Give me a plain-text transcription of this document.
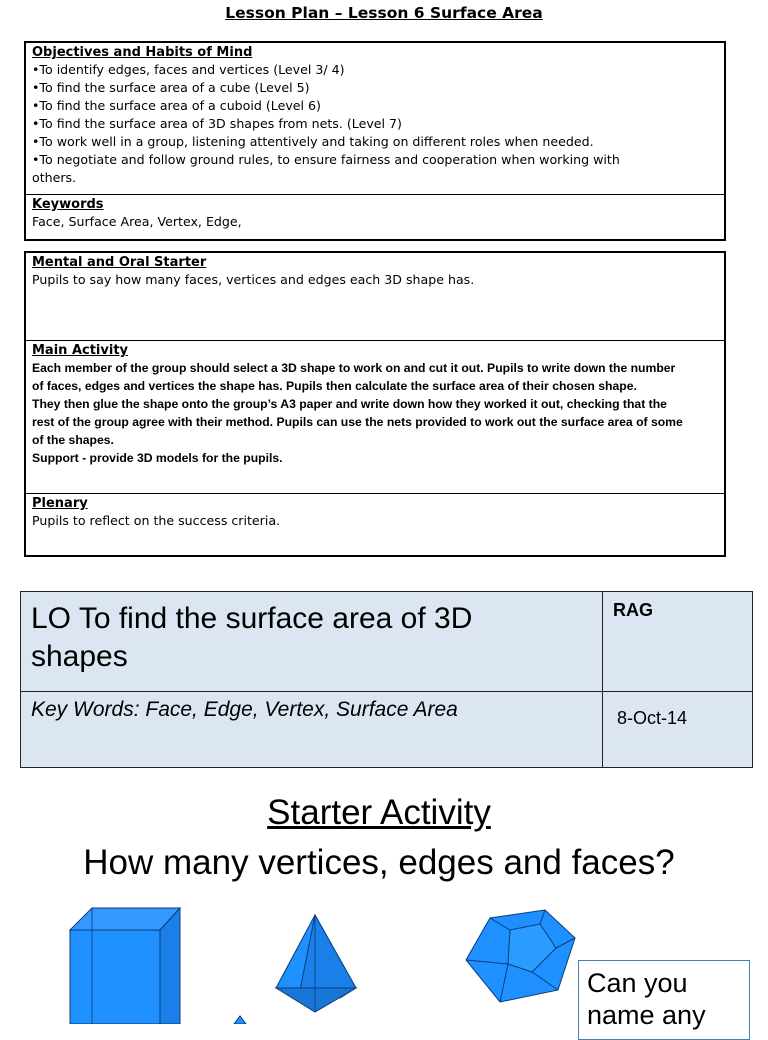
Lesson Plan – Lesson 6 Surface Area
Objectives and Habits of Mind
•To identify edges, faces and vertices (Level 3/ 4)
•To find the surface area of a cube (Level 5)
•To find the surface area of a cuboid (Level 6)
•To find the surface area of 3D shapes from nets. (Level 7)
•To work well in a group, listening attentively and taking on different roles when needed.
•To negotiate and follow ground rules, to ensure fairness and cooperation when working with
others.
Keywords
Face, Surface Area, Vertex, Edge,
Mental and Oral Starter
Pupils to say how many faces, vertices and edges each 3D shape has.
Main Activity
Each member of the group should select a 3D shape to work on and cut it out. Pupils to write down the number
of faces, edges and vertices the shape has. Pupils then calculate the surface area of their chosen shape.
They then glue the shape onto the group’s A3 paper and write down how they worked it out, checking that the
rest of the group agree with their method. Pupils can use the nets provided to work out the surface area of some
of the shapes.
Support - provide 3D models for the pupils.
Plenary
Pupils to reflect on the success criteria.
LO To find the surface area of 3D
shapes
RAG
Key Words: Face, Edge, Vertex, Surface Area	8-Oct-14
Starter Activity
How many vertices, edges and faces?
Can you
name any
